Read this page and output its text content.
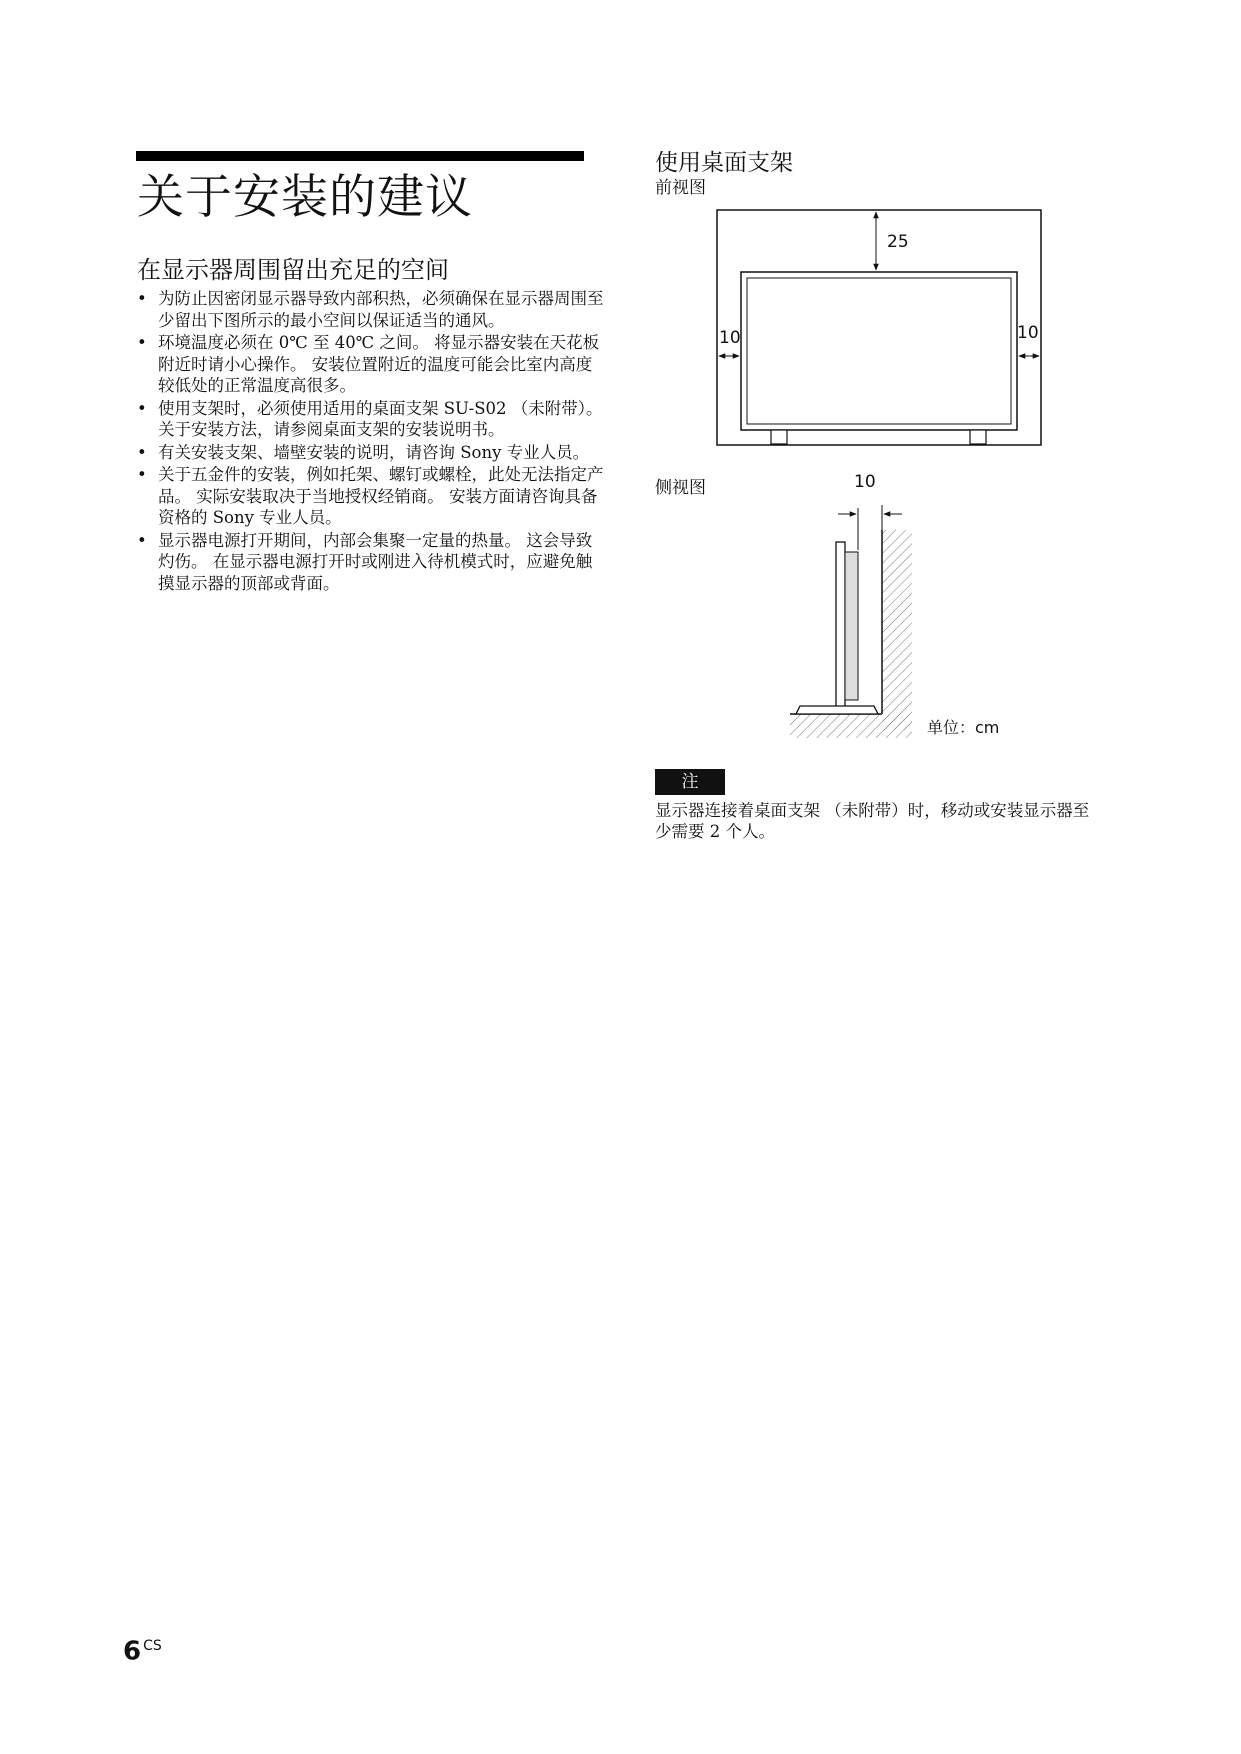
关于安装的建议
在显示器周围留出充足的空间
• 为防止因密闭显示器导致内部积热，必须确保在显示器周围至少留出下图所示的最小空间以保证适当的通风。
• 环境温度必须在 0℃ 至 40℃ 之间。 将显示器安装在天花板附近时请小心操作。 安装位置附近的温度可能会比室内高度较低处的正常温度高很多。
• 使用支架时，必须使用适用的桌面支架 SU-S02 （未附带）。关于安装方法，请参阅桌面支架的安装说明书。
• 有关安装支架、墙壁安装的说明，请咨询 Sony 专业人员。
• 关于五金件的安装，例如托架、螺钉或螺栓，此处无法指定产品。 实际安装取决于当地授权经销商。 安装方面请咨询具备资格的 Sony 专业人员。
• 显示器电源打开期间，内部会集聚一定量的热量。 这会导致灼伤。 在显示器电源打开时或刚进入待机模式时，应避免触摸显示器的顶部或背面。
使用桌面支架
前视图
侧视图
25
10	10
10
单位：cm
注
显示器连接着桌面支架 （未附带）时，移动或安装显示器至少需要 2 个人。
6 $^{CS}$
